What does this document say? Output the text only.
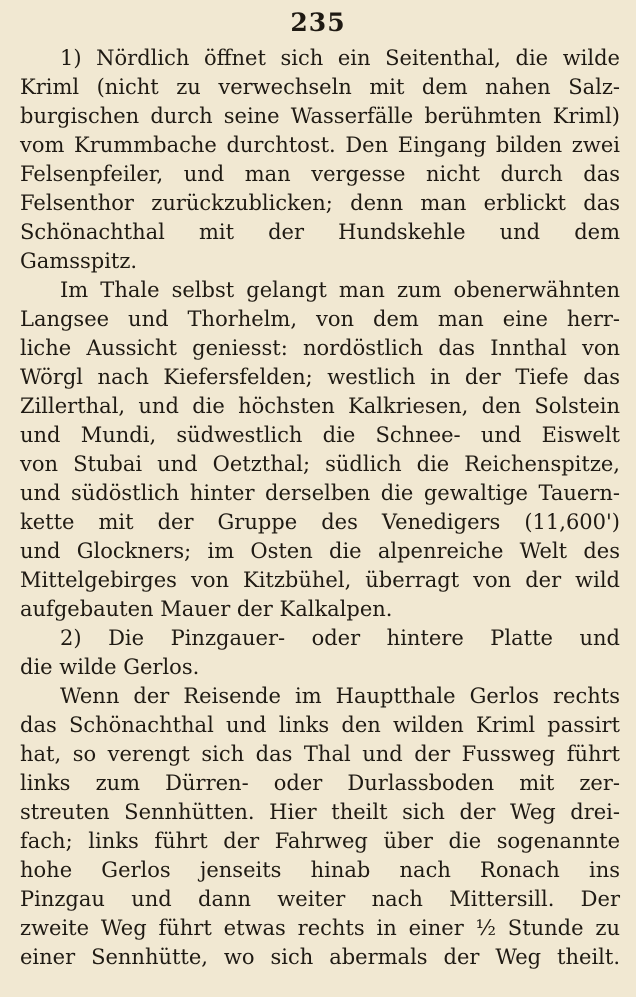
235
1) Nördlich öffnet sich ein Seitenthal, die wilde
Kriml (nicht zu verwechseln mit dem nahen Salz-
burgischen durch seine Wasserfälle berühmten Kriml)
vom Krummbache durchtost. Den Eingang bilden zwei
Felsenpfeiler, und man vergesse nicht durch das
Felsenthor zurückzublicken; denn man erblickt das
Schönachthal mit der Hundskehle und dem
Gamsspitz.
Im Thale selbst gelangt man zum obenerwähnten
Langsee und Thorhelm, von dem man eine herr-
liche Aussicht geniesst: nordöstlich das Innthal von
Wörgl nach Kiefersfelden; westlich in der Tiefe das
Zillerthal, und die höchsten Kalkriesen, den Solstein
und Mundi, südwestlich die Schnee- und Eiswelt
von Stubai und Oetzthal; südlich die Reichenspitze,
und südöstlich hinter derselben die gewaltige Tauern-
kette mit der Gruppe des Venedigers (11,600')
und Glockners; im Osten die alpenreiche Welt des
Mittelgebirges von Kitzbühel, überragt von der wild
aufgebauten Mauer der Kalkalpen.
2) Die Pinzgauer- oder hintere Platte und
die wilde Gerlos.
Wenn der Reisende im Hauptthale Gerlos rechts
das Schönachthal und links den wilden Kriml passirt
hat, so verengt sich das Thal und der Fussweg führt
links zum Dürren- oder Durlassboden mit zer-
streuten Sennhütten. Hier theilt sich der Weg drei-
fach; links führt der Fahrweg über die sogenannte
hohe Gerlos jenseits hinab nach Ronach ins
Pinzgau und dann weiter nach Mittersill. Der
zweite Weg führt etwas rechts in einer ½ Stunde zu
einer Sennhütte, wo sich abermals der Weg theilt.
